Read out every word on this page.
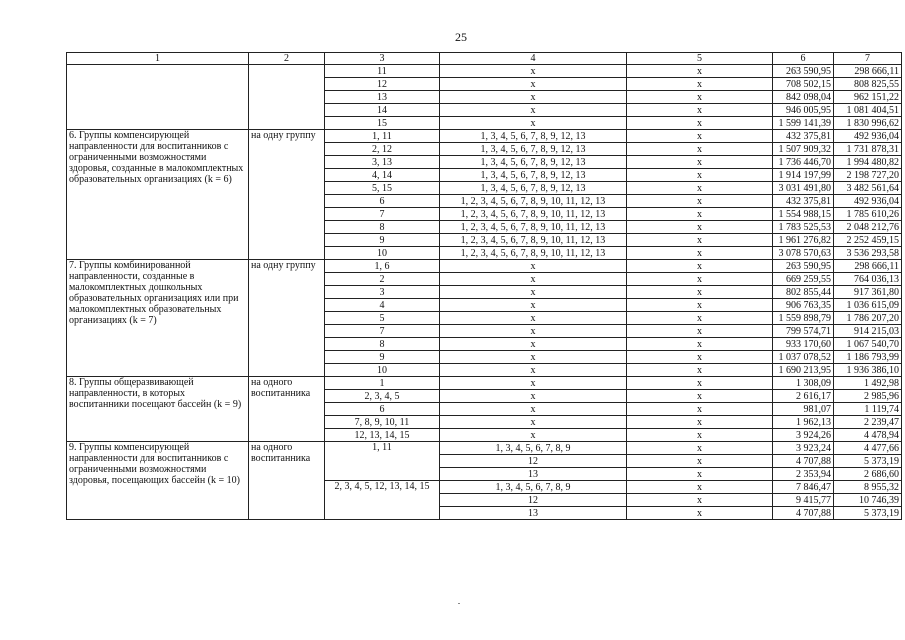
25
1	2	3	4	5	6	7
		11	х	х	263 590,95	298 666,11
		12	х	х	708 502,15	808 825,55
		13	х	х	842 098,04	962 151,22
		14	х	х	946 005,95	1 081 404,51
		15	х	х	1 599 141,39	1 830 996,62
6. Группы компенсирующей направленности для воспитанников с ограниченными возможностями здоровья, созданные в малокомплектных образовательных организациях (k = 6)	на одну группу	1, 11	1, 3, 4, 5, 6, 7, 8, 9, 12, 13	х	432 375,81	492 936,04
		2, 12	1, 3, 4, 5, 6, 7, 8, 9, 12, 13	х	1 507 909,32	1 731 878,31
		3, 13	1, 3, 4, 5, 6, 7, 8, 9, 12, 13	х	1 736 446,70	1 994 480,82
		4, 14	1, 3, 4, 5, 6, 7, 8, 9, 12, 13	х	1 914 197,99	2 198 727,20
		5, 15	1, 3, 4, 5, 6, 7, 8, 9, 12, 13	х	3 031 491,80	3 482 561,64
		6	1, 2, 3, 4, 5, 6, 7, 8, 9, 10, 11, 12, 13	х	432 375,81	492 936,04
		7	1, 2, 3, 4, 5, 6, 7, 8, 9, 10, 11, 12, 13	х	1 554 988,15	1 785 610,26
		8	1, 2, 3, 4, 5, 6, 7, 8, 9, 10, 11, 12, 13	х	1 783 525,53	2 048 212,76
		9	1, 2, 3, 4, 5, 6, 7, 8, 9, 10, 11, 12, 13	х	1 961 276,82	2 252 459,15
		10	1, 2, 3, 4, 5, 6, 7, 8, 9, 10, 11, 12, 13	х	3 078 570,63	3 536 293,58
7. Группы комбинированной направленности, созданные в малокомплектных дошкольных образовательных организациях или при малокомплектных образовательных организациях (k = 7)	на одну группу	1, 6	х	х	263 590,95	298 666,11
		2	х	х	669 259,55	764 036,13
		3	х	х	802 855,44	917 361,80
		4	х	х	906 763,35	1 036 615,09
		5	х	х	1 559 898,79	1 786 207,20
		7	х	х	799 574,71	914 215,03
		8	х	х	933 170,60	1 067 540,70
		9	х	х	1 037 078,52	1 186 793,99
		10	х	х	1 690 213,95	1 936 386,10
8. Группы общеразвивающей направленности, в которых воспитанники посещают бассейн (k = 9)	на одного воспитанника	1	х	х	1 308,09	1 492,98
		2, 3, 4, 5	х	х	2 616,17	2 985,96
		6	х	х	981,07	1 119,74
		7, 8, 9, 10, 11	х	х	1 962,13	2 239,47
		12, 13, 14, 15	х	х	3 924,26	4 478,94
9. Группы компенсирующей направленности для воспитанников с ограниченными возможностями здоровья, посещающих бассейн (k = 10)	на одного воспитанника	1, 11	1, 3, 4, 5, 6, 7, 8, 9	х	3 923,24	4 477,66
			12	х	4 707,88	5 373,19
			13	х	2 353,94	2 686,60
		2, 3, 4, 5, 12, 13, 14, 15	1, 3, 4, 5, 6, 7, 8, 9	х	7 846,47	8 955,32
			12	х	9 415,77	10 746,39
			13	х	4 707,88	5 373,19
